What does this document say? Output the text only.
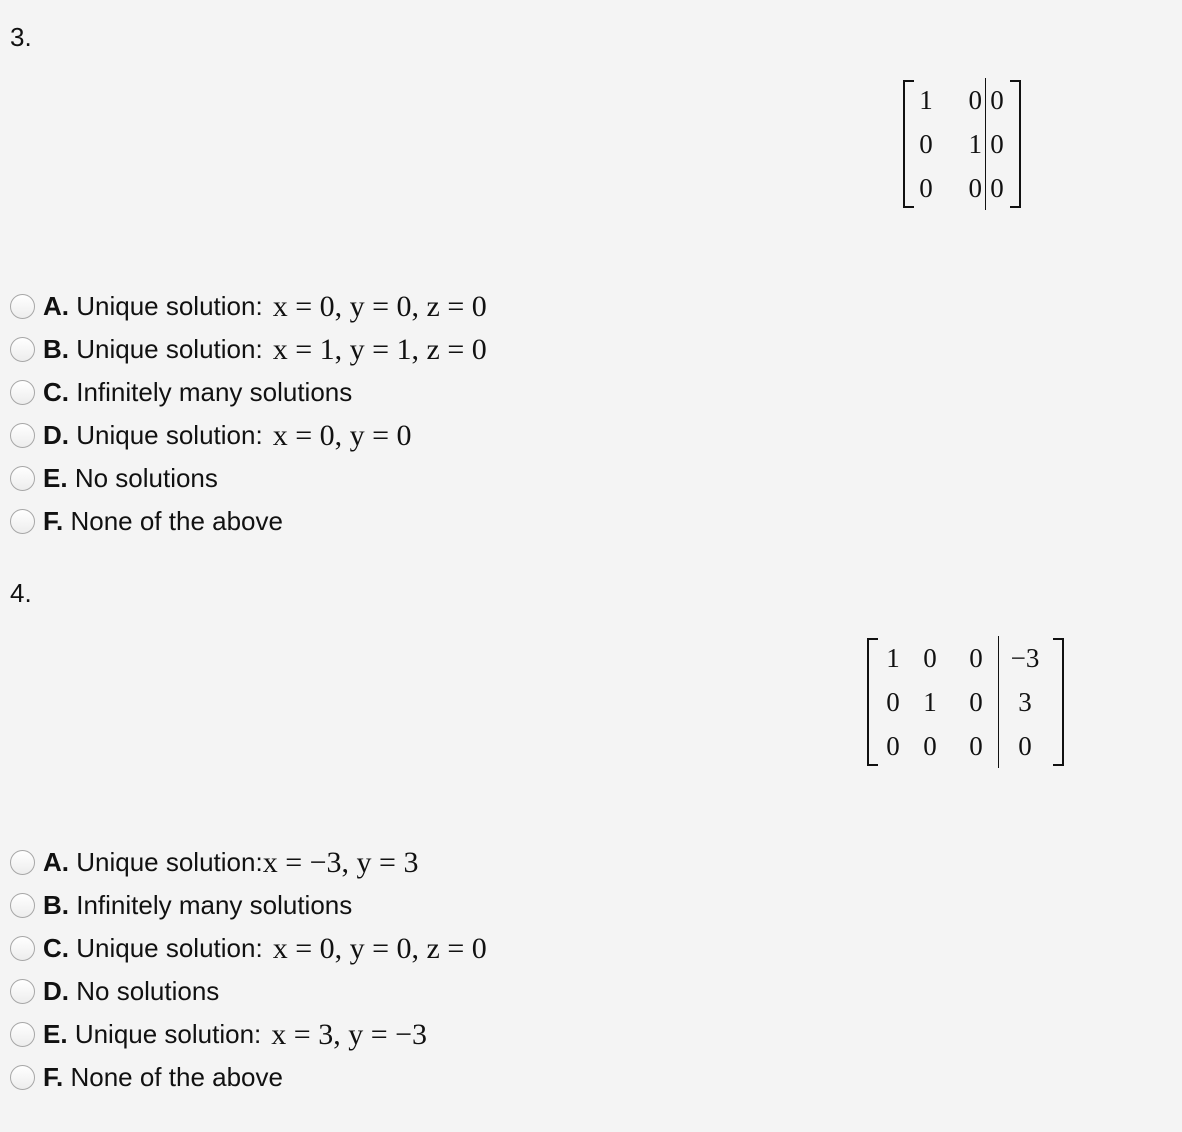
3.
1	0	0
0	1	0
0	0	0
A.
Unique solution: x = 0, y = 0, z = 0
B.
Unique solution: x = 1, y = 1, z = 0
C.
Infinitely many solutions
D.
Unique solution: x = 0, y = 0
E.
No solutions
F.
None of the above
4.
1	0	0	−3
0	1	0	3
0	0	0	0
A.
Unique solution: x = −3, y = 3
B.
Infinitely many solutions
C.
Unique solution: x = 0, y = 0, z = 0
D.
No solutions
E.
Unique solution: x = 3, y = −3
F.
None of the above
